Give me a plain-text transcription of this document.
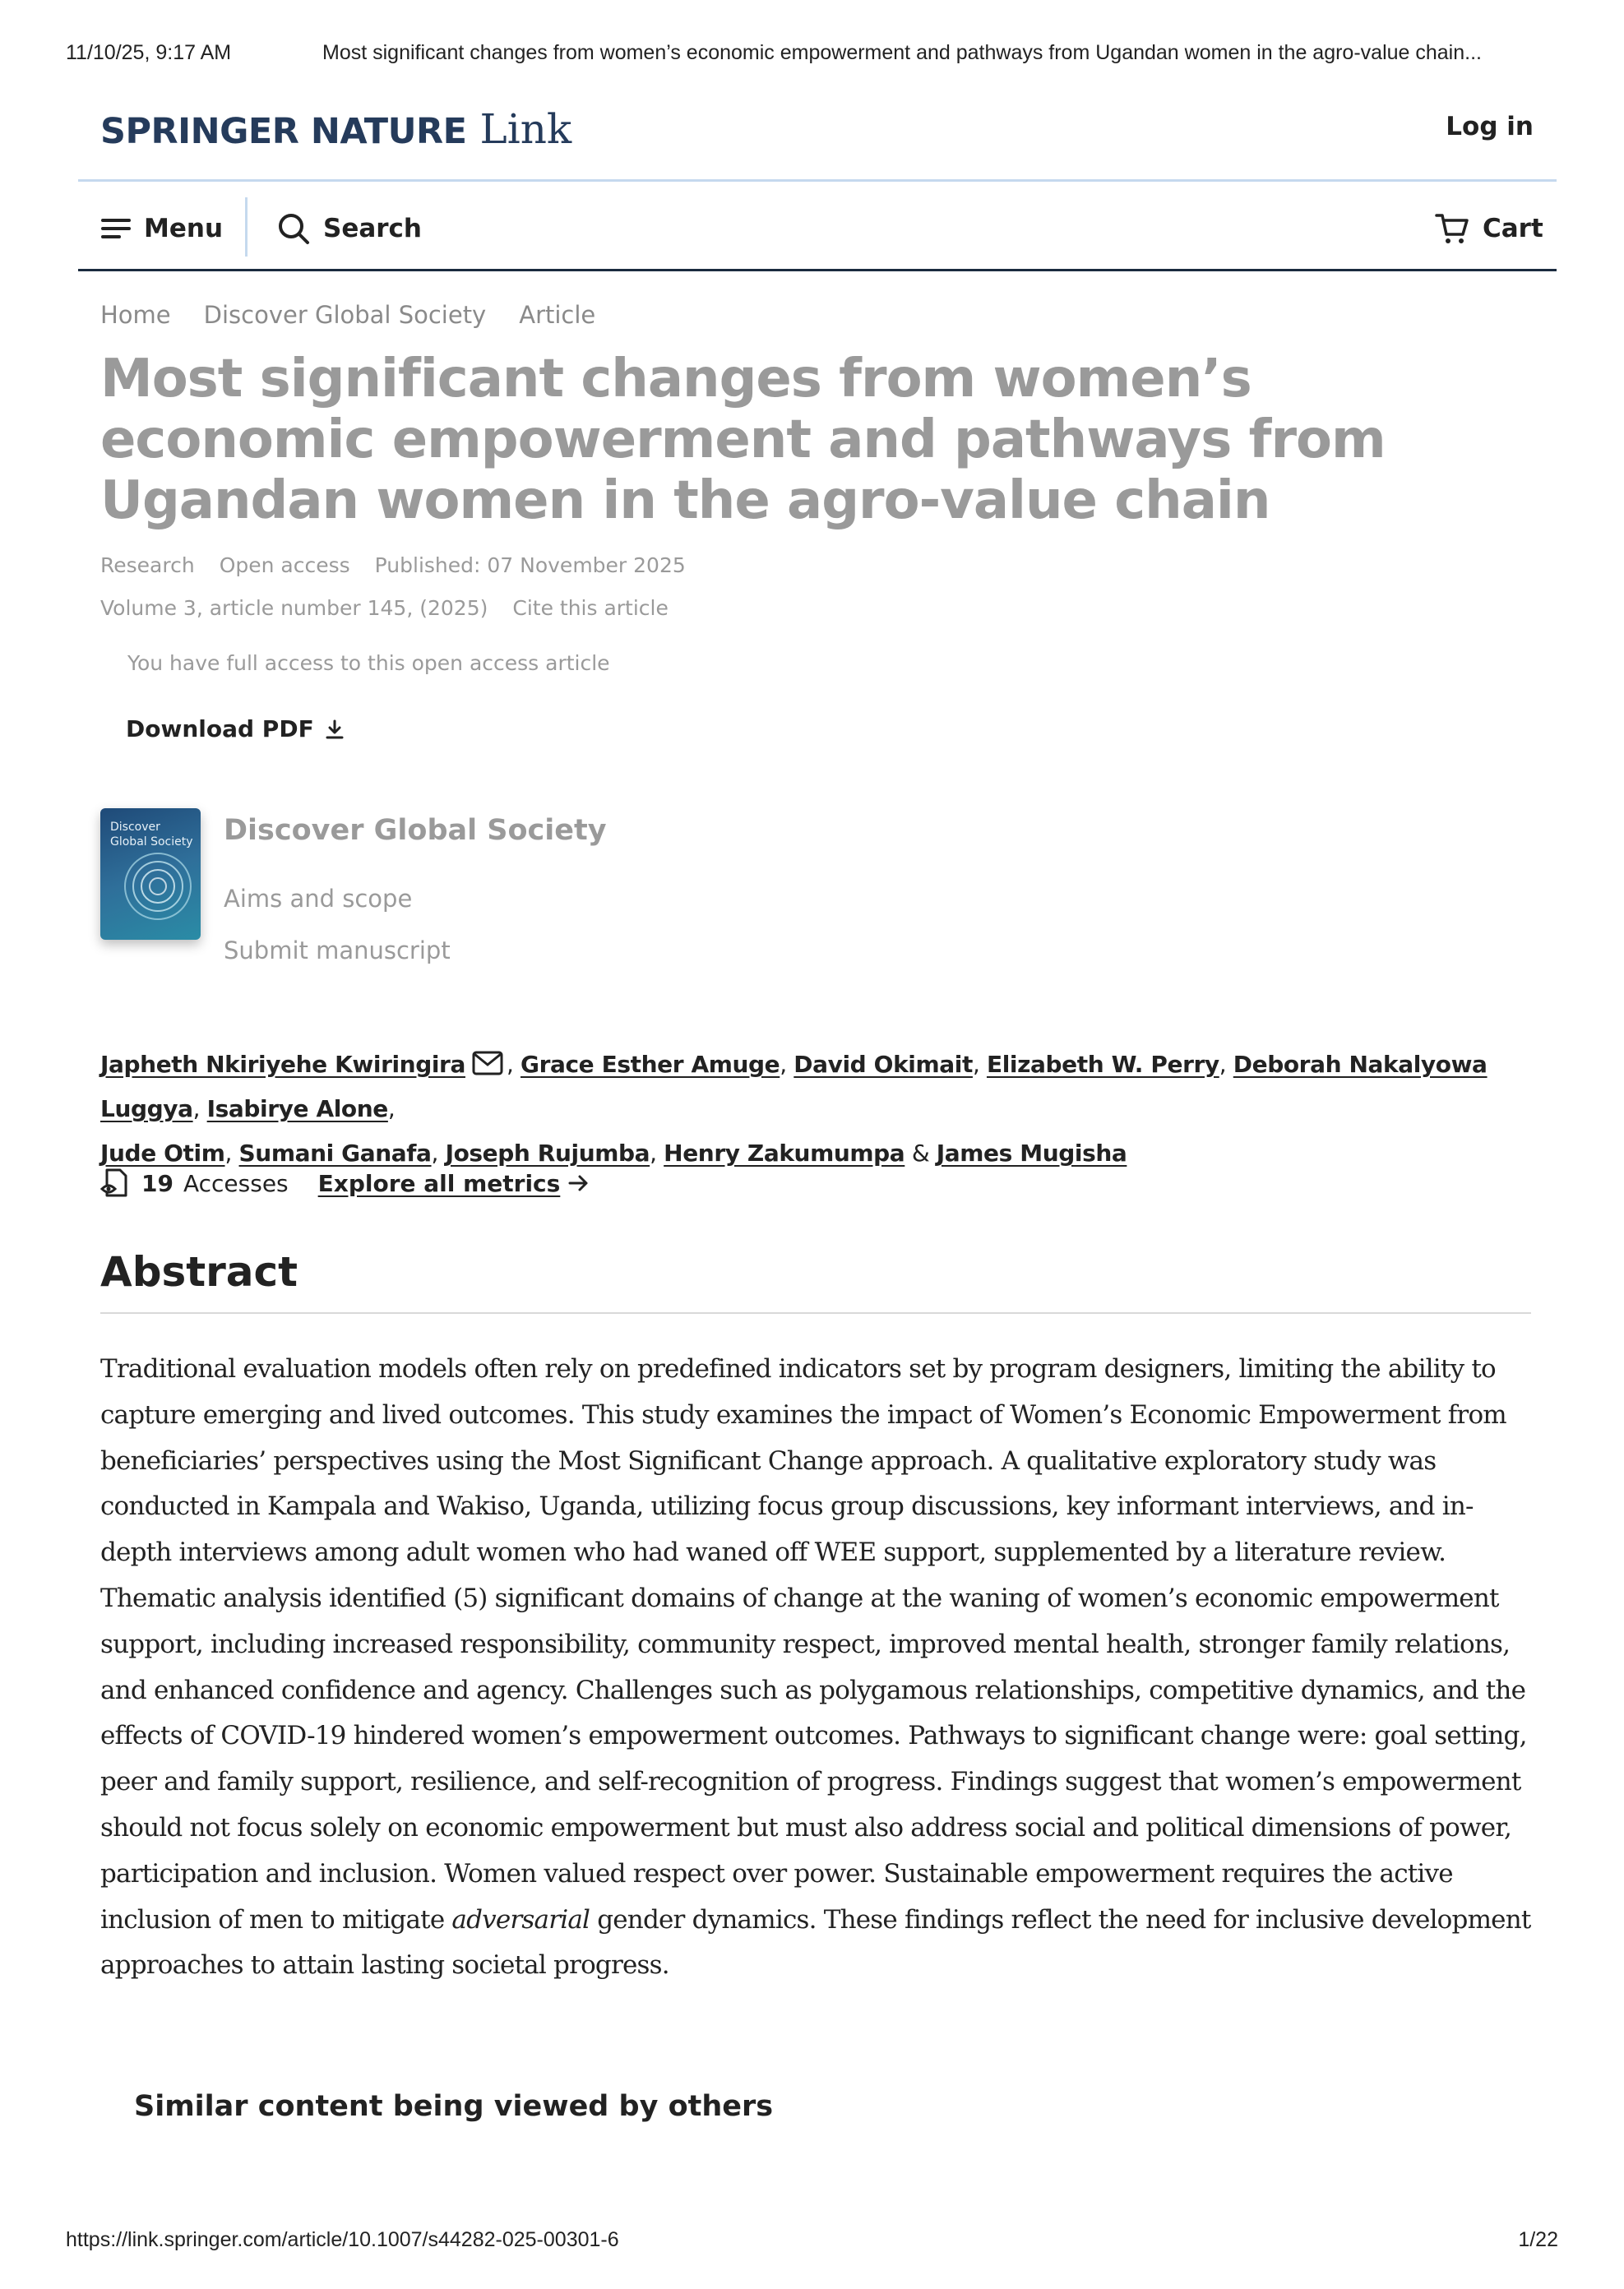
11/10/25, 9:17 AM	Most significant changes from women’s economic empowerment and pathways from Ugandan women in the agro-value chain...
SPRINGER NATURE Link	Log in
Menu	Search	Cart
Home Discover Global Society Article
Most significant changes from women’s economic empowerment and pathways from Ugandan women in the agro-value chain
Research Open access Published: 07 November 2025
Volume 3, article number 145, (2025) Cite this article
You have full access to this open access article
Download PDF
Discover
Global Society Discover Global Society
Aims and scope
Submit manuscript
Japheth Nkiriyehe Kwiringira , Grace Esther Amuge, David Okimait, Elizabeth W. Perry, Deborah Nakalyowa Luggya, Isabirye Alone,
Jude Otim, Sumani Ganafa, Joseph Rujumba, Henry Zakumumpa & James Mugisha
19 Accesses Explore all metrics
Abstract

Traditional evaluation models often rely on predefined indicators set by program designers, limiting the ability to capture emerging and lived outcomes. This study examines the impact of Women’s Economic Empowerment from beneficiaries’ perspectives using the Most Significant Change approach. A qualitative exploratory study was conducted in Kampala and Wakiso, Uganda, utilizing focus group discussions, key informant interviews, and in-depth interviews among adult women who had waned off WEE support, supplemented by a literature review. Thematic analysis identified (5) significant domains of change at the waning of women’s economic empowerment support, including increased responsibility, community respect, improved mental health, stronger family relations, and enhanced confidence and agency. Challenges such as polygamous relationships, competitive dynamics, and the effects of COVID-19 hindered women’s empowerment outcomes. Pathways to significant change were: goal setting, peer and family support, resilience, and self-recognition of progress. Findings suggest that women’s empowerment should not focus solely on economic empowerment but must also address social and political dimensions of power, participation and inclusion. Women valued respect over power. Sustainable empowerment requires the active inclusion of men to mitigate adversarial gender dynamics. These findings reflect the need for inclusive development approaches to attain lasting societal progress.

Similar content being viewed by others
https://link.springer.com/article/10.1007/s44282-025-00301-6	1/22
